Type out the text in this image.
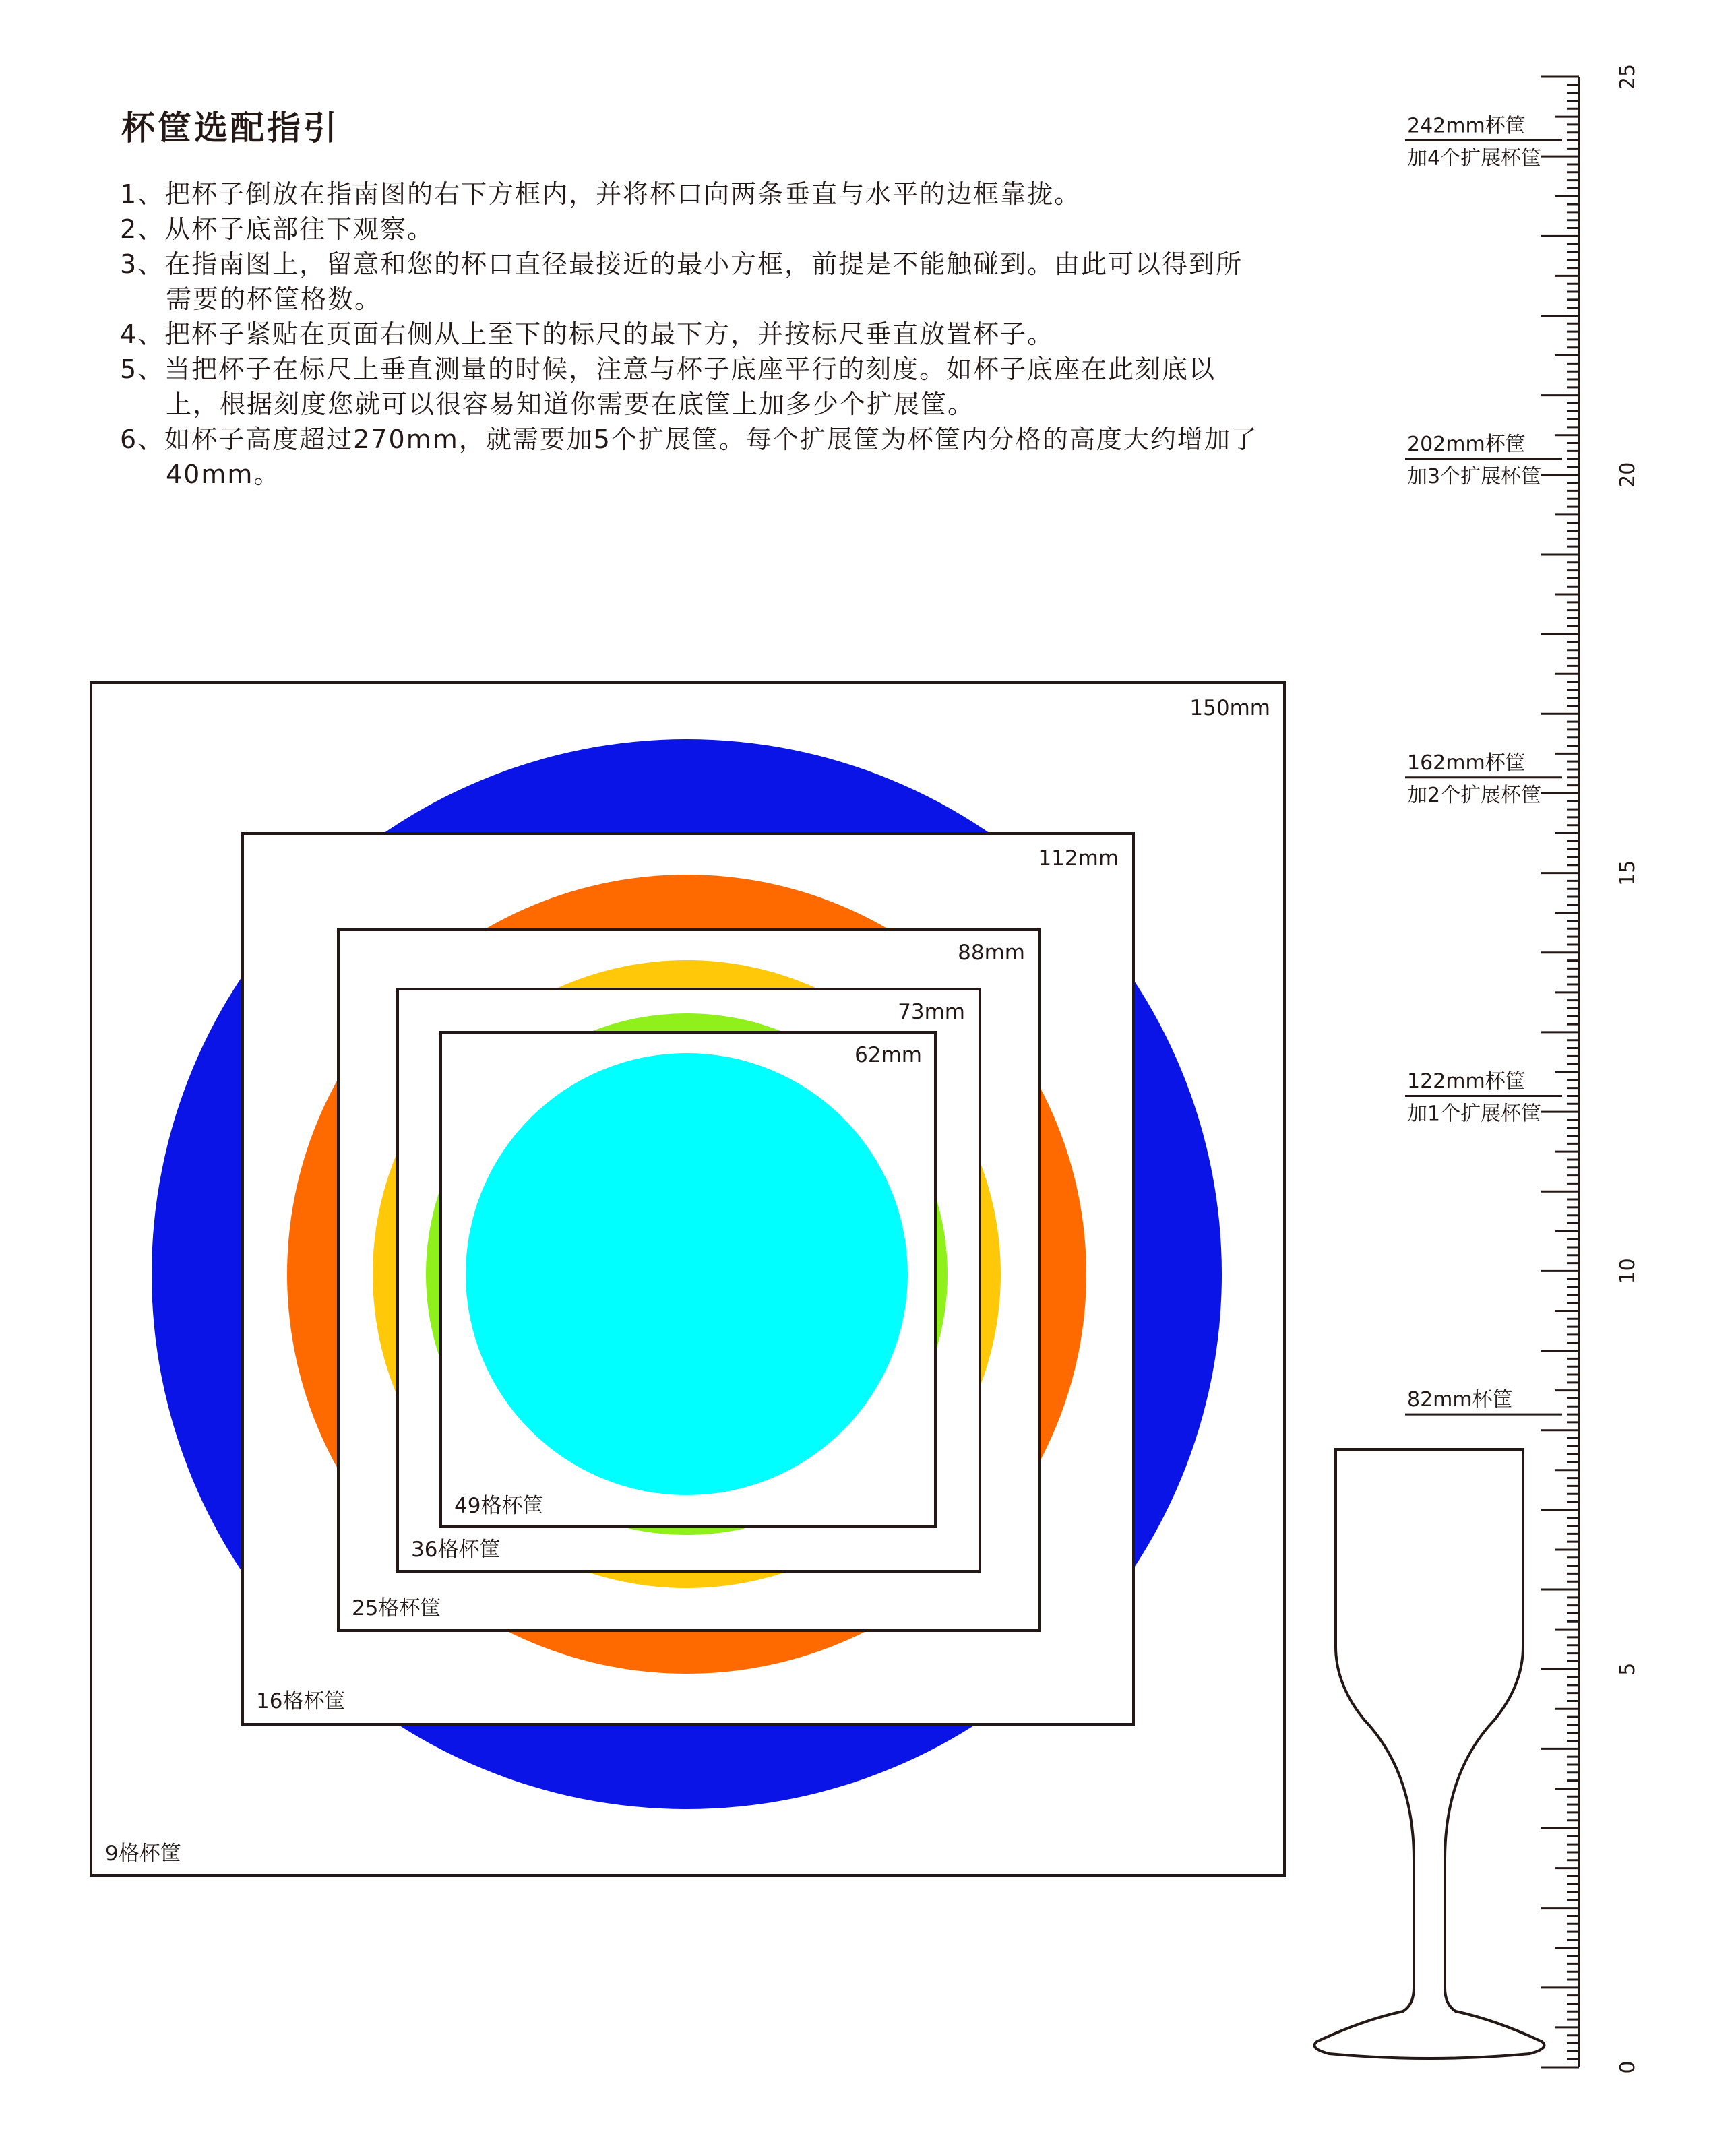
杯筐选配指引
1、把杯子倒放在指南图的右下方框内，并将杯口向两条垂直与水平的边框靠拢。
2、从杯子底部往下观察。
3、在指南图上，留意和您的杯口直径最接近的最小方框，前提是不能触碰到。由此可以得到所需要的杯筐格数。
4、把杯子紧贴在页面右侧从上至下的标尺的最下方，并按标尺垂直放置杯子。
5、当把杯子在标尺上垂直测量的时候，注意与杯子底座平行的刻度。如杯子底座在此刻底以上，根据刻度您就可以很容易知道你需要在底筐上加多少个扩展筐。
6、如杯子高度超过270mm，就需要加5个扩展筐。每个扩展筐为杯筐内分格的高度大约增加了40mm。
150mm
9格杯筐
112mm
16格杯筐
88mm
25格杯筐
73mm
36格杯筐
62mm
49格杯筐
0
5
10
15
20
25
82mm杯筐
122mm杯筐
加1个扩展杯筐
162mm杯筐
加2个扩展杯筐
202mm杯筐
加3个扩展杯筐
242mm杯筐
加4个扩展杯筐
